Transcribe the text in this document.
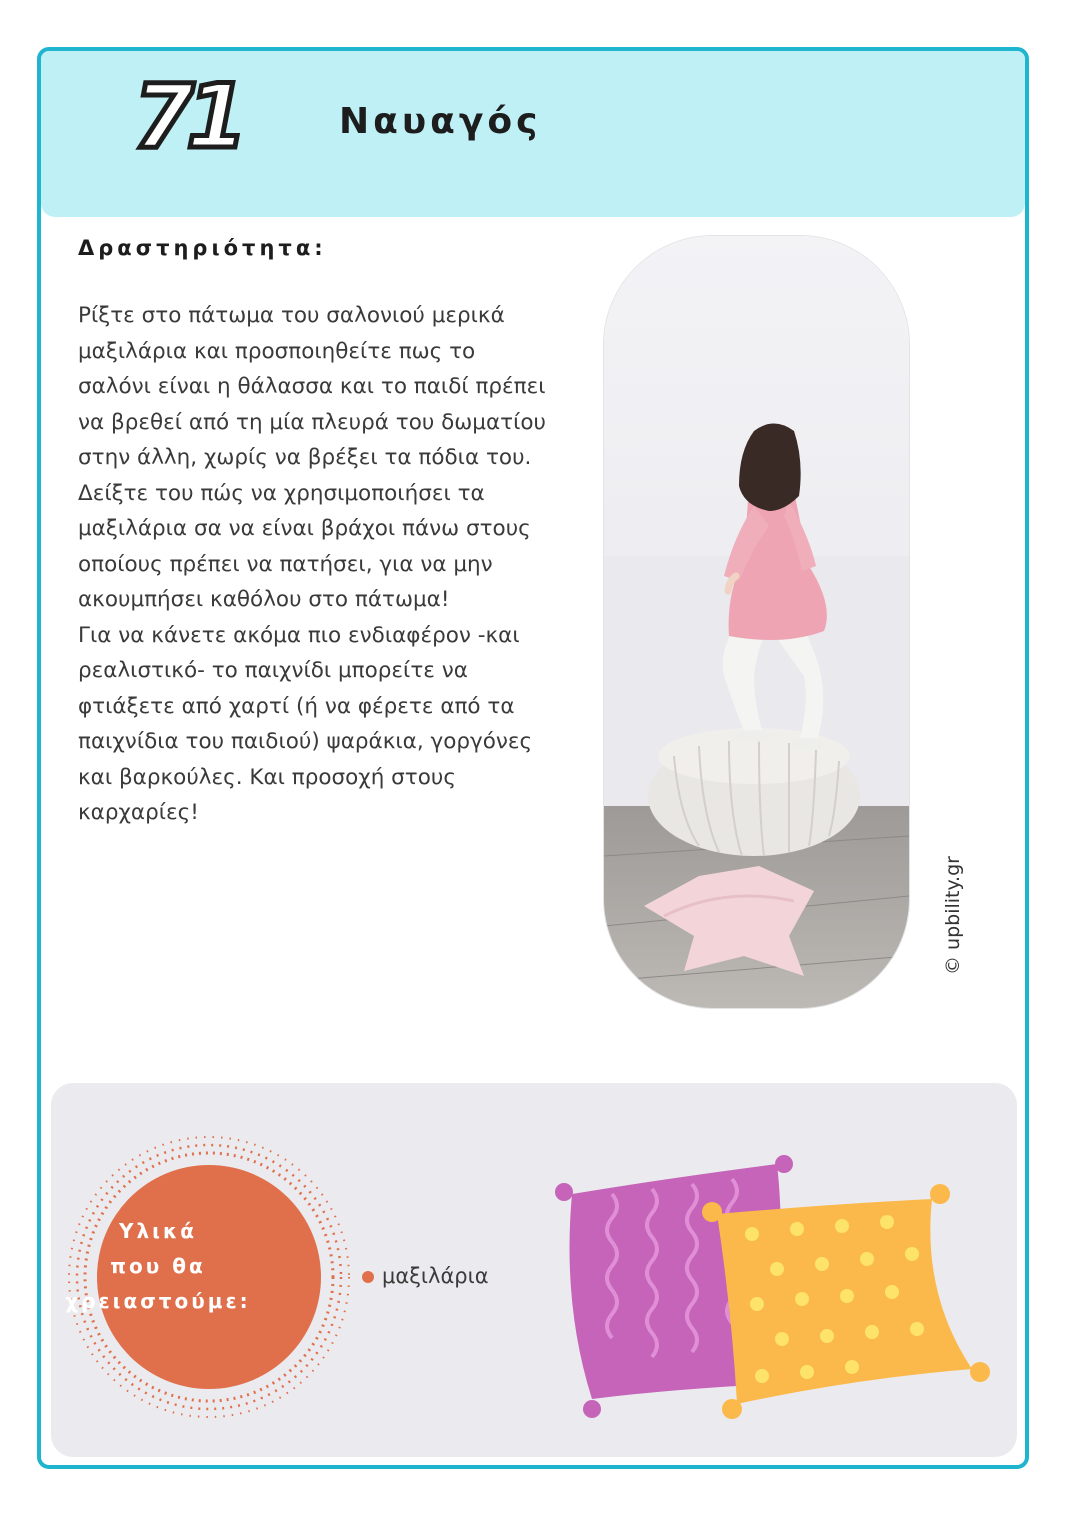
71	Ναυαγός
Δραστηριότητα:

Ρίξτε στο πάτωμα του σαλονιού μερικά μαξιλάρια και προσποιηθείτε πως το σαλόνι είναι η θάλασσα και το παιδί πρέπει να βρεθεί από τη μία πλευρά του δωματίου στην άλλη, χωρίς να βρέξει τα πόδια του. Δείξτε του πώς να χρησιμοποιήσει τα μαξιλάρια σα να είναι βράχοι πάνω στους οποίους πρέπει να πατήσει, για να μην ακουμπήσει καθόλου στο πάτωμα!

Για να κάνετε ακόμα πιο ενδιαφέρον -και ρεαλιστικό- το παιχνίδι μπορείτε να φτιάξετε από χαρτί (ή να φέρετε από τα παιχνίδια του παιδιού) ψαράκια, γοργόνες και βαρκούλες. Και προσοχή στους καρχαρίες!

© upbility.gr
Υλικά
που θα
χρειαστούμε:
μαξιλάρια
